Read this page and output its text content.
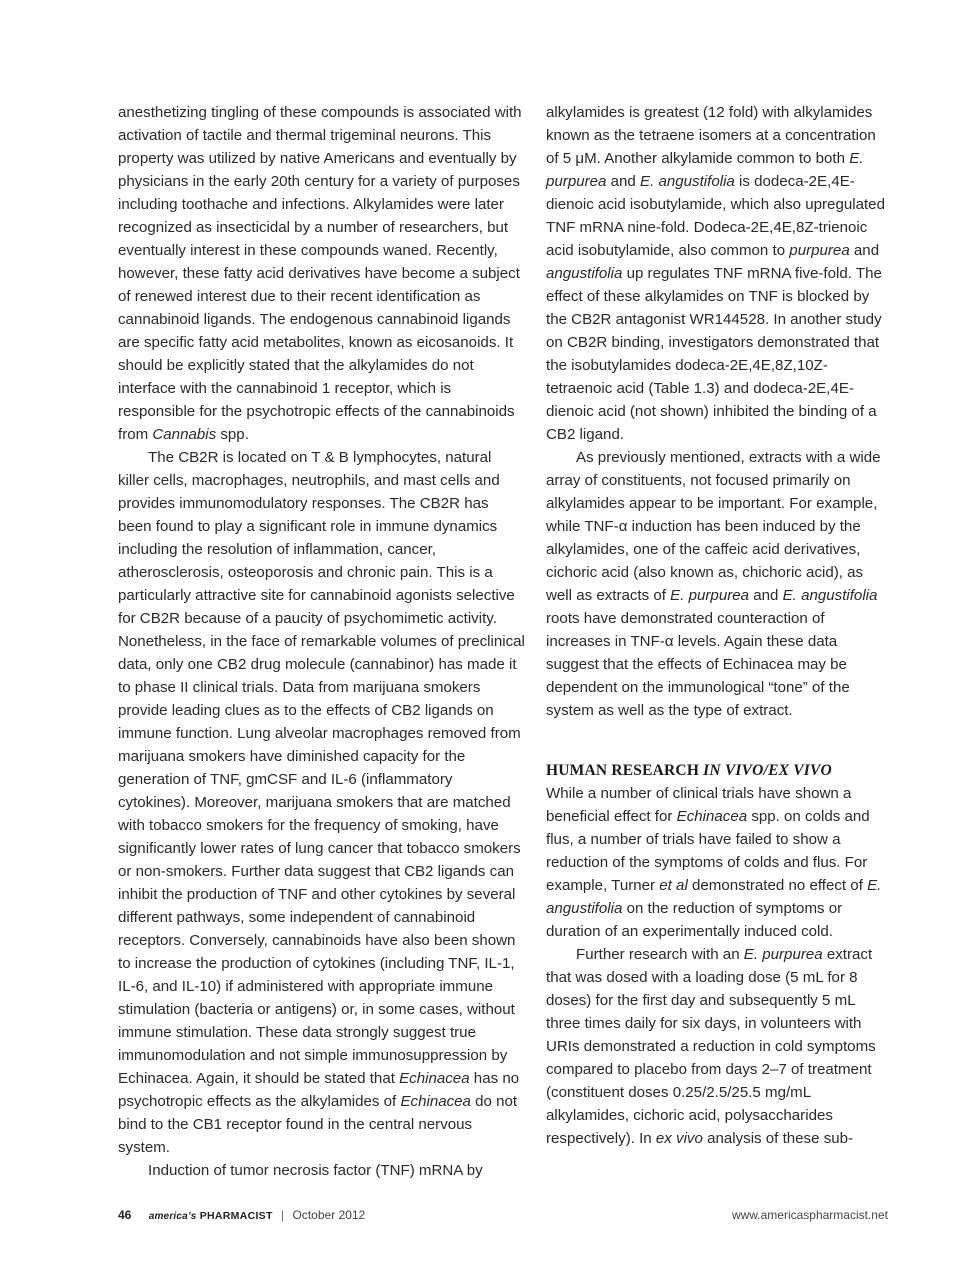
anesthetizing tingling of these compounds is associated with activation of tactile and thermal trigeminal neurons. This property was utilized by native Americans and eventually by physicians in the early 20th century for a variety of purposes including toothache and infections. Alkylamides were later recognized as insecticidal by a number of researchers, but eventually interest in these compounds waned. Recently, however, these fatty acid derivatives have become a subject of renewed interest due to their recent identification as cannabinoid ligands. The endogenous cannabinoid ligands are specific fatty acid metabolites, known as eicosanoids. It should be explicitly stated that the alkylamides do not interface with the cannabinoid 1 receptor, which is responsible for the psychotropic effects of the cannabinoids from Cannabis spp.

The CB2R is located on T & B lymphocytes, natural killer cells, macrophages, neutrophils, and mast cells and provides immunomodulatory responses. The CB2R has been found to play a significant role in immune dynamics including the resolution of inflammation, cancer, atherosclerosis, osteoporosis and chronic pain. This is a particularly attractive site for cannabinoid agonists selective for CB2R because of a paucity of psychomimetic activity. Nonetheless, in the face of remarkable volumes of preclinical data, only one CB2 drug molecule (cannabinor) has made it to phase II clinical trials. Data from marijuana smokers provide leading clues as to the effects of CB2 ligands on immune function. Lung alveolar macrophages removed from marijuana smokers have diminished capacity for the generation of TNF, gmCSF and IL-6 (inflammatory cytokines). Moreover, marijuana smokers that are matched with tobacco smokers for the frequency of smoking, have significantly lower rates of lung cancer that tobacco smokers or non-smokers. Further data suggest that CB2 ligands can inhibit the production of TNF and other cytokines by several different pathways, some independent of cannabinoid receptors. Conversely, cannabinoids have also been shown to increase the production of cytokines (including TNF, IL-1, IL-6, and IL-10) if administered with appropriate immune stimulation (bacteria or antigens) or, in some cases, without immune stimulation. These data strongly suggest true immunomodulation and not simple immunosuppression by Echinacea. Again, it should be stated that Echinacea has no psychotropic effects as the alkylamides of Echinacea do not bind to the CB1 receptor found in the central nervous system.

Induction of tumor necrosis factor (TNF) mRNA by

alkylamides is greatest (12 fold) with alkylamides known as the tetraene isomers at a concentration of 5 μM. Another alkylamide common to both E. purpurea and E. angustifolia is dodeca-2E,4E-dienoic acid isobutylamide, which also upregulated TNF mRNA nine-fold. Dodeca-2E,4E,8Z-trienoic acid isobutylamide, also common to purpurea and angustifolia up regulates TNF mRNA five-fold. The effect of these alkylamides on TNF is blocked by the CB2R antagonist WR144528. In another study on CB2R binding, investigators demonstrated that the isobutylamides dodeca-2E,4E,8Z,10Z-tetraenoic acid (Table 1.3) and dodeca-2E,4E-dienoic acid (not shown) inhibited the binding of a CB2 ligand.

As previously mentioned, extracts with a wide array of constituents, not focused primarily on alkylamides appear to be important. For example, while TNF-α induction has been induced by the alkylamides, one of the caffeic acid derivatives, cichoric acid (also known as, chichoric acid), as well as extracts of E. purpurea and E. angustifolia roots have demonstrated counteraction of increases in TNF-α levels. Again these data suggest that the effects of Echinacea may be dependent on the immunological “tone” of the system as well as the type of extract.

HUMAN RESEARCH IN VIVO/EX VIVO

While a number of clinical trials have shown a beneficial effect for Echinacea spp. on colds and flus, a number of trials have failed to show a reduction of the symptoms of colds and flus. For example, Turner et al demonstrated no effect of E. angustifolia on the reduction of symptoms or duration of an experimentally induced cold.

Further research with an E. purpurea extract that was dosed with a loading dose (5 mL for 8 doses) for the first day and subsequently 5 mL three times daily for six days, in volunteers with URIs demonstrated a reduction in cold symptoms compared to placebo from days 2–7 of treatment (constituent doses 0.25/2.5/25.5 mg/mL alkylamides, cichoric acid, polysaccharides respectively). In ex vivo analysis of these sub-

46 america’s PHARMACIST | October 2012	www.americaspharmacist.net
